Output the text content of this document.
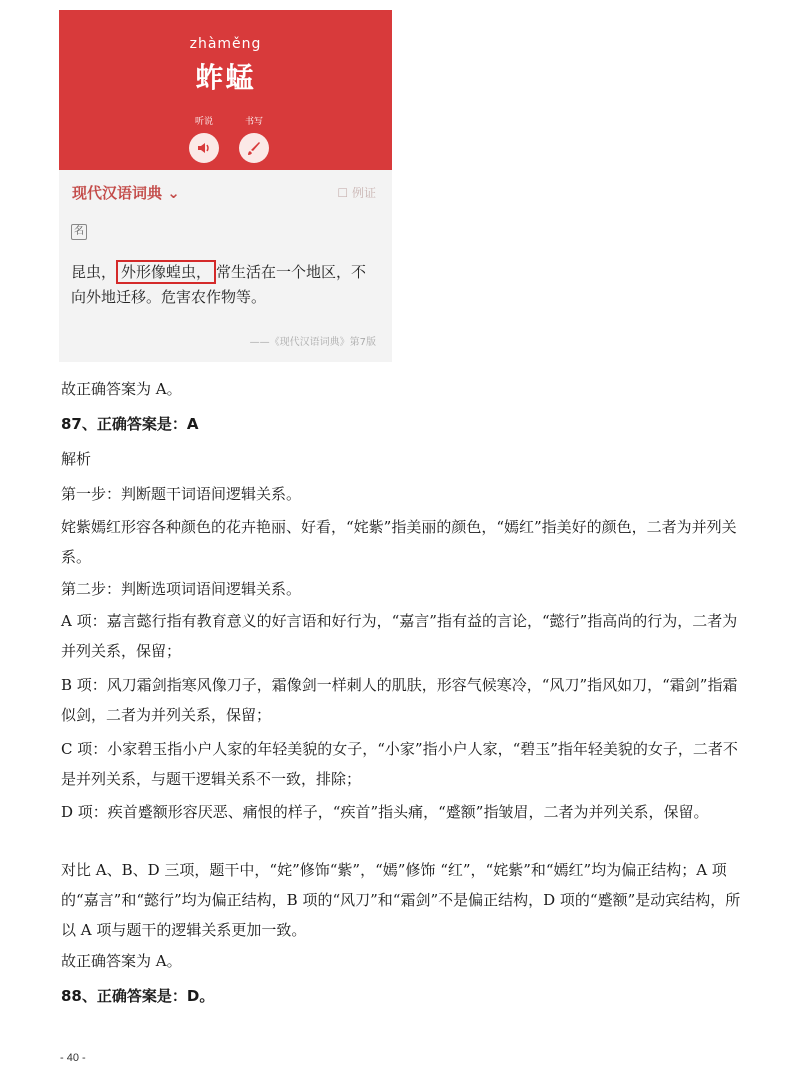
zhàměng
蚱蜢
听说	书写
现代汉语词典 ⌄	☐ 例证
名
昆虫， 外形像蝗虫， 常生活在一个地区，不向外地迁移。危害农作物等。
——《现代汉语词典》第7版
故正确答案为 A。
87、正确答案是：A
解析
第一步：判断题干词语间逻辑关系。
姹紫嫣红形容各种颜色的花卉艳丽、好看，“姹紫”指美丽的颜色，“嫣红”指美好的颜色，二者为并列关系。
第二步：判断选项词语间逻辑关系。
A 项：嘉言懿行指有教育意义的好言语和好行为，“嘉言”指有益的言论，“懿行”指高尚的行为，二者为并列关系，保留；
B 项：风刀霜剑指寒风像刀子，霜像剑一样刺人的肌肤，形容气候寒冷，“风刀”指风如刀，“霜剑”指霜似剑，二者为并列关系，保留；
C 项：小家碧玉指小户人家的年轻美貌的女子，“小家”指小户人家，“碧玉”指年轻美貌的女子，二者不是并列关系，与题干逻辑关系不一致，排除；
D 项：疾首蹙额形容厌恶、痛恨的样子，“疾首”指头痛，“蹙额”指皱眉，二者为并列关系，保留。
对比 A、B、D 三项，题干中，“姹”修饰“紫”，“嫣”修饰 “红”，“姹紫”和“嫣红”均为偏正结构；A 项的“嘉言”和“懿行”均为偏正结构，B 项的“风刀”和“霜剑”不是偏正结构，D 项的“蹙额”是动宾结构，所以 A 项与题干的逻辑关系更加一致。
故正确答案为 A。
88、正确答案是：D。
- 40 -
